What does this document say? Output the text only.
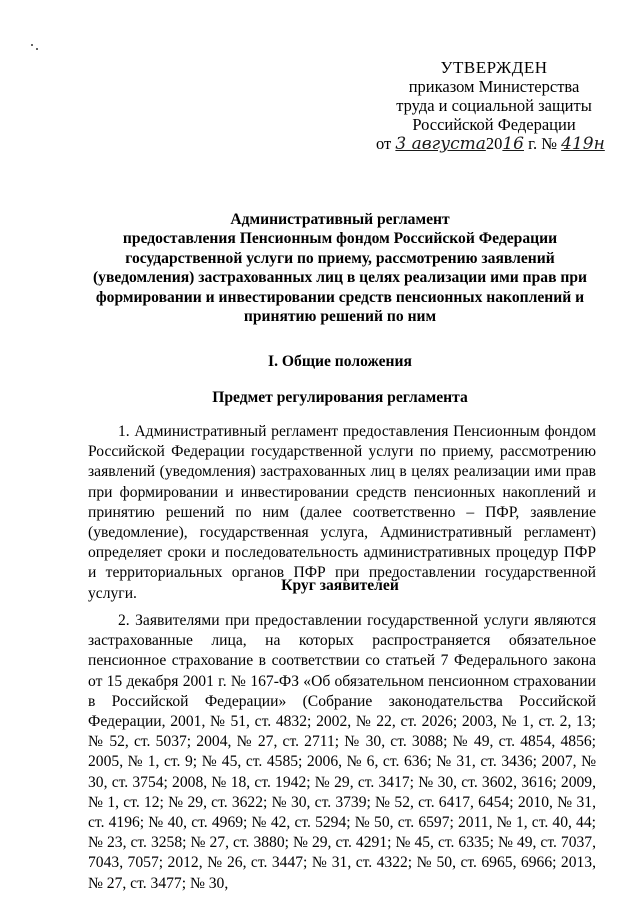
УТВЕРЖДЕН
приказом Министерства
труда и социальной защиты
Российской Федерации
от 3 августа2016 г. № 419н
Административный регламент
предоставления Пенсионным фондом Российской Федерации
государственной услуги по приему, рассмотрению заявлений
(уведомления) застрахованных лиц в целях реализации ими прав при
формировании и инвестировании средств пенсионных накоплений и
принятию решений по ним
I. Общие положения
Предмет регулирования регламента
1. Административный регламент предоставления Пенсионным фондом Российской Федерации государственной услуги по приему, рассмотрению заявлений (уведомления) застрахованных лиц в целях реализации ими прав при формировании и инвестировании средств пенсионных накоплений и принятию решений по ним (далее соответственно – ПФР, заявление (уведомление), государственная услуга, Административный регламент) определяет сроки и последовательность административных процедур ПФР и территориальных органов ПФР при предоставлении государственной услуги.	Круг заявителей
2. Заявителями при предоставлении государственной услуги являются застрахованные лица, на которых распространяется обязательное пенсионное страхование в соответствии со статьей 7 Федерального закона от 15 декабря 2001 г. № 167-ФЗ «Об обязательном пенсионном страховании в Российской Федерации» (Собрание законодательства Российской Федерации, 2001, № 51, ст. 4832; 2002, № 22, ст. 2026; 2003, № 1, ст. 2, 13; № 52, ст. 5037; 2004, № 27, ст. 2711; № 30, ст. 3088; № 49, ст. 4854, 4856; 2005, № 1, ст. 9; № 45, ст. 4585; 2006, № 6, ст. 636; № 31, ст. 3436; 2007, № 30, ст. 3754; 2008, № 18, ст. 1942; № 29, ст. 3417; № 30, ст. 3602, 3616; 2009, № 1, ст. 12; № 29, ст. 3622; № 30, ст. 3739; № 52, ст. 6417, 6454; 2010, № 31, ст. 4196; № 40, ст. 4969; № 42, ст. 5294; № 50, ст. 6597; 2011, № 1, ст. 40, 44; № 23, ст. 3258; № 27, ст. 3880; № 29, ст. 4291; № 45, ст. 6335; № 49, ст. 7037, 7043, 7057; 2012, № 26, ст. 3447; № 31, ст. 4322; № 50, ст. 6965, 6966; 2013, № 27, ст. 3477; № 30,
